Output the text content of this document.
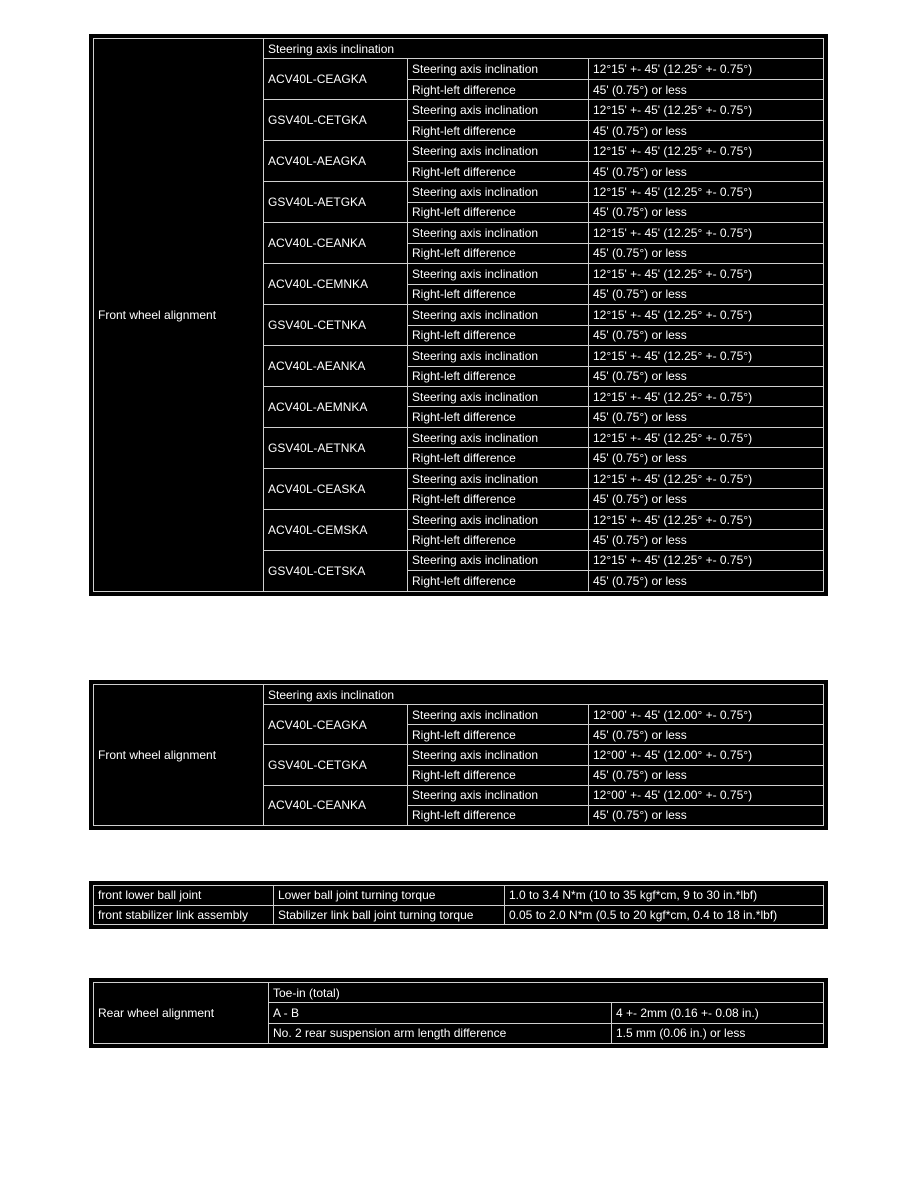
Front wheel alignment	Steering axis inclination		
	ACV40L-CEAGKA	Steering axis inclination	12°15' +- 45' (12.25° +- 0.75°)
		Right-left difference	45' (0.75°) or less
	GSV40L-CETGKA	Steering axis inclination	12°15' +- 45' (12.25° +- 0.75°)
		Right-left difference	45' (0.75°) or less
	ACV40L-AEAGKA	Steering axis inclination	12°15' +- 45' (12.25° +- 0.75°)
		Right-left difference	45' (0.75°) or less
	GSV40L-AETGKA	Steering axis inclination	12°15' +- 45' (12.25° +- 0.75°)
		Right-left difference	45' (0.75°) or less
	ACV40L-CEANKA	Steering axis inclination	12°15' +- 45' (12.25° +- 0.75°)
		Right-left difference	45' (0.75°) or less
	ACV40L-CEMNKA	Steering axis inclination	12°15' +- 45' (12.25° +- 0.75°)
		Right-left difference	45' (0.75°) or less
	GSV40L-CETNKA	Steering axis inclination	12°15' +- 45' (12.25° +- 0.75°)
		Right-left difference	45' (0.75°) or less
	ACV40L-AEANKA	Steering axis inclination	12°15' +- 45' (12.25° +- 0.75°)
		Right-left difference	45' (0.75°) or less
	ACV40L-AEMNKA	Steering axis inclination	12°15' +- 45' (12.25° +- 0.75°)
		Right-left difference	45' (0.75°) or less
	GSV40L-AETNKA	Steering axis inclination	12°15' +- 45' (12.25° +- 0.75°)
		Right-left difference	45' (0.75°) or less
	ACV40L-CEASKA	Steering axis inclination	12°15' +- 45' (12.25° +- 0.75°)
		Right-left difference	45' (0.75°) or less
	ACV40L-CEMSKA	Steering axis inclination	12°15' +- 45' (12.25° +- 0.75°)
		Right-left difference	45' (0.75°) or less
	GSV40L-CETSKA	Steering axis inclination	12°15' +- 45' (12.25° +- 0.75°)
		Right-left difference	45' (0.75°) or less
Front wheel alignment	Steering axis inclination		
	ACV40L-CEAGKA	Steering axis inclination	12°00' +- 45' (12.00° +- 0.75°)
		Right-left difference	45' (0.75°) or less
	GSV40L-CETGKA	Steering axis inclination	12°00' +- 45' (12.00° +- 0.75°)
		Right-left difference	45' (0.75°) or less
	ACV40L-CEANKA	Steering axis inclination	12°00' +- 45' (12.00° +- 0.75°)
		Right-left difference	45' (0.75°) or less
front lower ball joint	Lower ball joint turning torque	1.0 to 3.4 N*m (10 to 35 kgf*cm, 9 to 30 in.*lbf)
front stabilizer link assembly	Stabilizer link ball joint turning torque	0.05 to 2.0 N*m (0.5 to 20 kgf*cm, 0.4 to 18 in.*lbf)
Rear wheel alignment	Toe-in (total)	
	A - B	4 +- 2mm (0.16 +- 0.08 in.)
	No. 2 rear suspension arm length difference	1.5 mm (0.06 in.) or less
